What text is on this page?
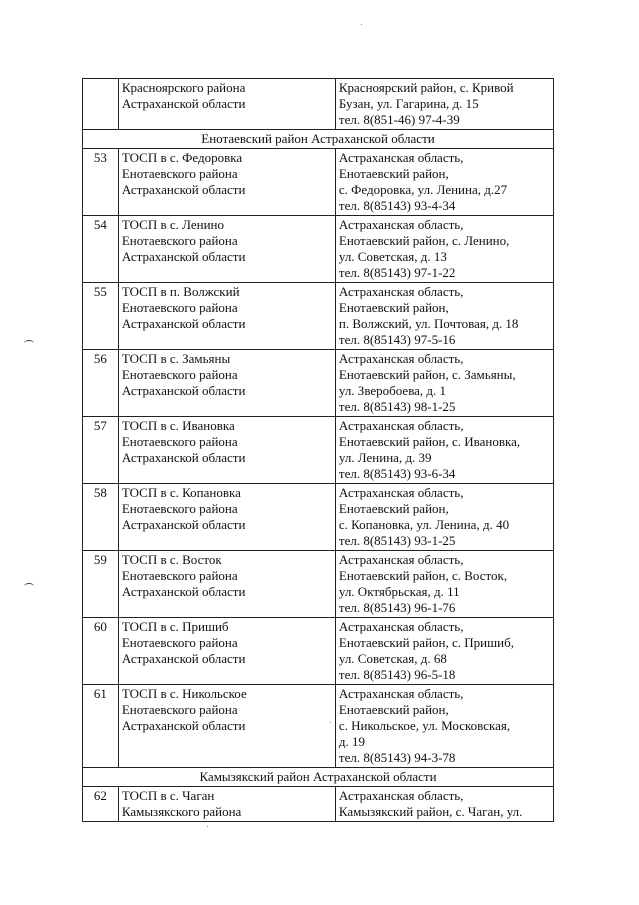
	Красноярского района
Астраханской области	Красноярский район, с. Кривой
Бузан, ул. Гагарина, д. 15
тел. 8(851-46) 97-4-39

Енотаевский район Астраханской области		
53	ТОСП в с. Федоровка
Енотаевского района
Астраханской области	Астраханская область,
Енотаевский район,
с. Федоровка, ул. Ленина, д.27
тел. 8(85143) 93-4-34

54	ТОСП в с. Ленино
Енотаевского района
Астраханской области	Астраханская область,
Енотаевский район, с. Ленино,
ул. Советская, д. 13
тел. 8(85143) 97-1-22

55	ТОСП в п. Волжский
Енотаевского района
Астраханской области	Астраханская область,
Енотаевский район,
п. Волжский, ул. Почтовая, д. 18
тел. 8(85143) 97-5-16

56	ТОСП в с. Замьяны
Енотаевского района
Астраханской области	Астраханская область,
Енотаевский район, с. Замьяны,
ул. Зверобоева, д. 1
тел. 8(85143) 98-1-25

57	ТОСП в с. Ивановка
Енотаевского района
Астраханской области	Астраханская область,
Енотаевский район, с. Ивановка,
ул. Ленина, д. 39
тел. 8(85143) 93-6-34

58	ТОСП в с. Копановка
Енотаевского района
Астраханской области	Астраханская область,
Енотаевский район,
с. Копановка, ул. Ленина, д. 40
тел. 8(85143) 93-1-25

59	ТОСП в с. Восток
Енотаевского района
Астраханской области	Астраханская область,
Енотаевский район, с. Восток,
ул. Октябрьская, д. 11
тел. 8(85143) 96-1-76

60	ТОСП в с. Пришиб
Енотаевского района
Астраханской области	Астраханская область,
Енотаевский район, с. Пришиб,
ул. Советская, д. 68
тел. 8(85143) 96-5-18

61	ТОСП в с. Никольское
Енотаевского района
Астраханской области	Астраханская область,
Енотаевский район,
с. Никольское, ул. Московская,
д. 19
тел. 8(85143) 94-3-78

Камызякский район Астраханской области		
62	ТОСП в с. Чаган
Камызякского района	Астраханская область,
Камызякский район, с. Чаган, ул.
